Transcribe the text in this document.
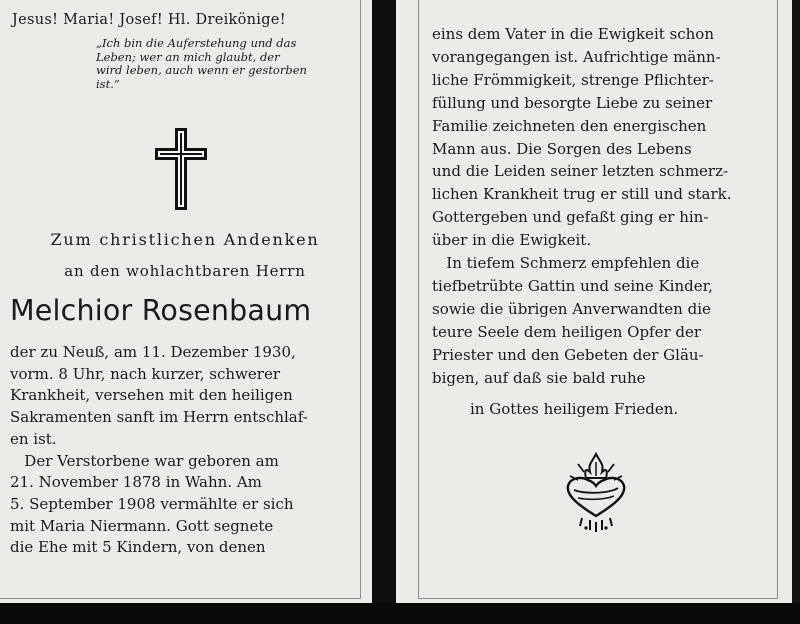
Jesus! Maria! Josef! Hl. Dreikönige!
„Ich bin die Auferstehung und das
Leben; wer an mich glaubt, der
wird leben, auch wenn er gestorben
ist.“
Zum christlichen Andenken
an den wohlachtbaren Herrn
Melchior Rosenbaum
der zu Neuß, am 11. Dezember 1930,
vorm. 8 Uhr, nach kurzer, schwerer
Krankheit, versehen mit den heiligen
Sakramenten sanft im Herrn entschlaf-
en ist.
Der Verstorbene war geboren am
21. November 1878 in Wahn. Am
5. September 1908 vermählte er sich
mit Maria Niermann. Gott segnete
die Ehe mit 5 Kindern, von denen
eins dem Vater in die Ewigkeit schon
vorangegangen ist. Aufrichtige männ-
liche Frömmigkeit, strenge Pflichter-
füllung und besorgte Liebe zu seiner
Familie zeichneten den energischen
Mann aus. Die Sorgen des Lebens
und die Leiden seiner letzten schmerz-
lichen Krankheit trug er still und stark.
Gottergeben und gefaßt ging er hin-
über in die Ewigkeit.
In tiefem Schmerz empfehlen die
tiefbetrübte Gattin und seine Kinder,
sowie die übrigen Anverwandten die
teure Seele dem heiligen Opfer der
Priester und den Gebeten der Gläu-
bigen, auf daß sie bald ruhe
in Gottes heiligem Frieden.
